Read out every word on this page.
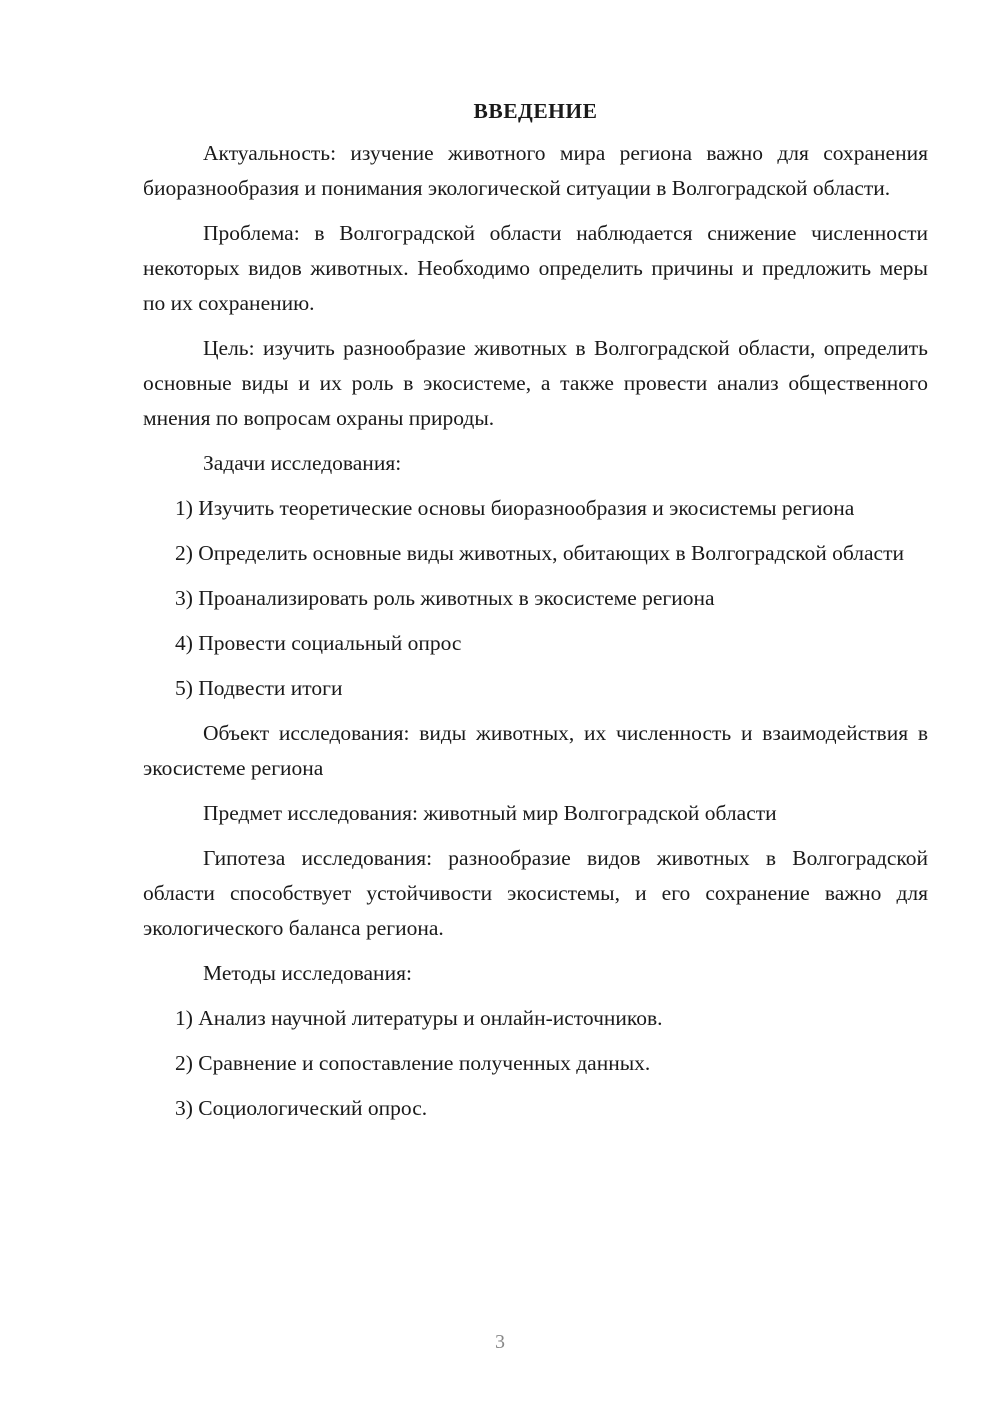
ВВЕДЕНИЕ

Актуальность: изучение животного мира региона важно для сохранения биоразнообразия и понимания экологической ситуации в Волгоградской области.

Проблема: в Волгоградской области наблюдается снижение численности некоторых видов животных. Необходимо определить причины и предложить меры по их сохранению.

Цель: изучить разнообразие животных в Волгоградской области, определить основные виды и их роль в экосистеме, а также провести анализ общественного мнения по вопросам охраны природы.

Задачи исследования:

1) Изучить теоретические основы биоразнообразия и экосистемы региона

2) Определить основные виды животных, обитающих в Волгоградской области

3) Проанализировать роль животных в экосистеме региона

4) Провести социальный опрос

5) Подвести итоги

Объект исследования: виды животных, их численность и взаимодействия в экосистеме региона

Предмет исследования: животный мир Волгоградской области

Гипотеза исследования: разнообразие видов животных в Волгоградской области способствует устойчивости экосистемы, и его сохранение важно для экологического баланса региона.

Методы исследования:

1) Анализ научной литературы и онлайн-источников.

2) Сравнение и сопоставление полученных данных.

3) Социологический опрос.

3
